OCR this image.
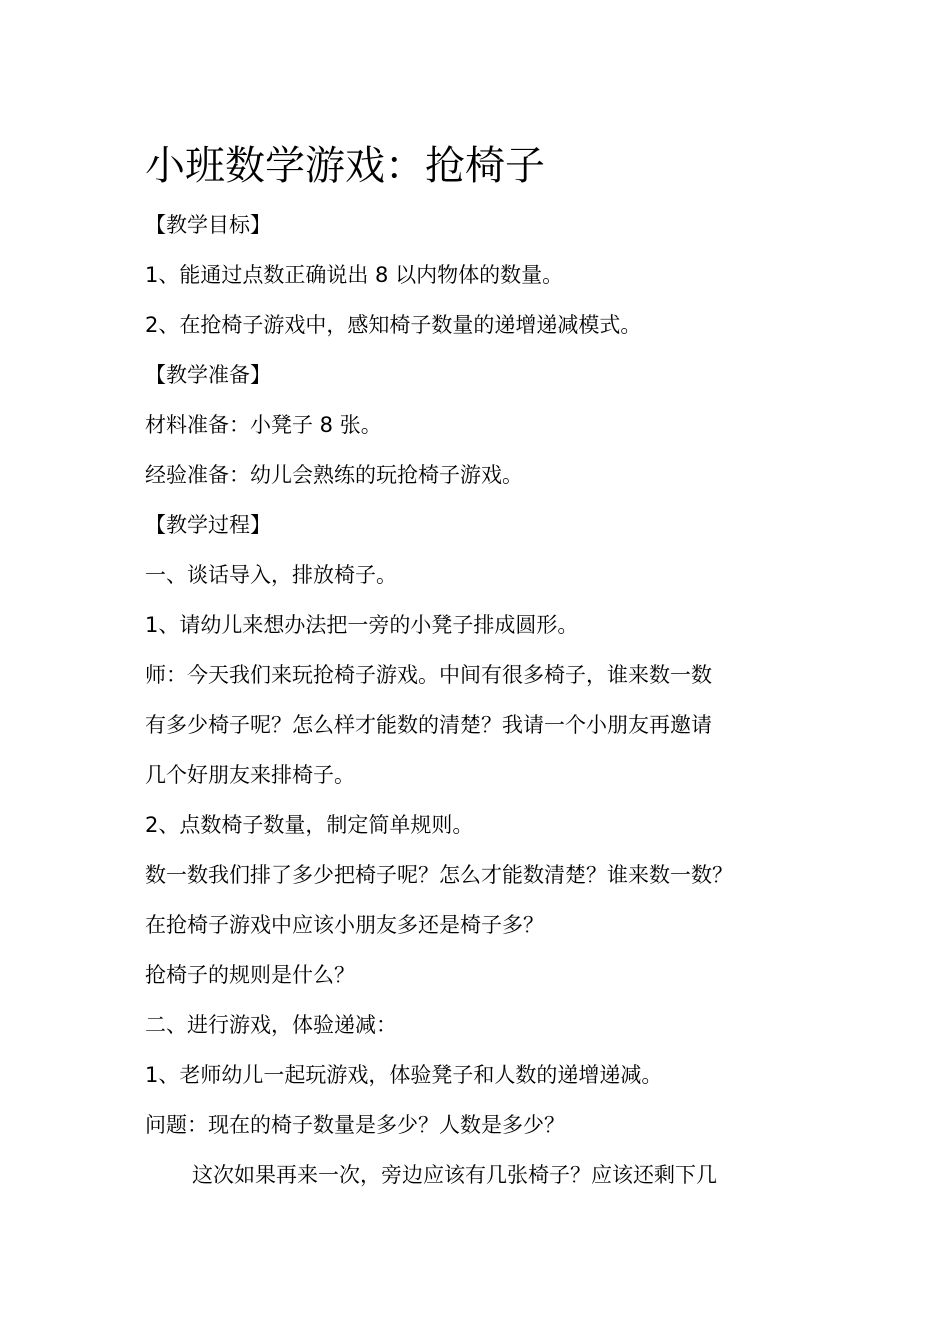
小班数学游戏：抢椅子

【教学目标】

1、能通过点数正确说出 8 以内物体的数量。

2、在抢椅子游戏中，感知椅子数量的递增递减模式。

【教学准备】

材料准备：小凳子 8 张。

经验准备：幼儿会熟练的玩抢椅子游戏。

【教学过程】

一、谈话导入，排放椅子。

1、请幼儿来想办法把一旁的小凳子排成圆形。

师：今天我们来玩抢椅子游戏。中间有很多椅子，谁来数一数

有多少椅子呢？怎么样才能数的清楚？我请一个小朋友再邀请

几个好朋友来排椅子。

2、点数椅子数量，制定简单规则。

数一数我们排了多少把椅子呢？怎么才能数清楚？谁来数一数？

在抢椅子游戏中应该小朋友多还是椅子多？

抢椅子的规则是什么？

二、进行游戏，体验递减：

1、老师幼儿一起玩游戏，体验凳子和人数的递增递减。

问题：现在的椅子数量是多少？人数是多少？

这次如果再来一次，旁边应该有几张椅子？应该还剩下几
